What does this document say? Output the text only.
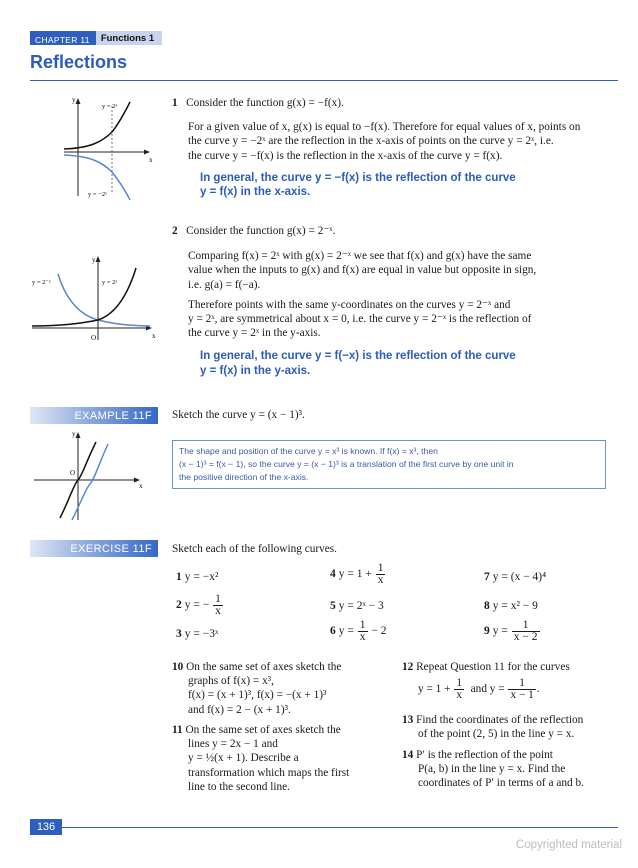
CHAPTER 11	Functions 1
Reflections
y
x
y = 2ˣ
y = −2ˣ
1 Consider the function g(x) = −f(x).
For a given value of x, g(x) is equal to −f(x). Therefore for equal values of x, points on
the curve y = −2ˣ are the reflection in the x-axis of points on the curve y = 2ˣ, i.e.
the curve y = −f(x) is the reflection in the x-axis of the curve y = f(x).
In general, the curve y = −f(x) is the reflection of the curve
y = f(x) in the x-axis.
y
x
O
y = 2⁻ˣ	y = 2ˣ
2 Consider the function g(x) = 2⁻ˣ.
Comparing f(x) = 2ˣ with g(x) = 2⁻ˣ we see that f(x) and g(x) have the same
value when the inputs to g(x) and f(x) are equal in value but opposite in sign,
i.e. g(a) = f(−a).
Therefore points with the same y-coordinates on the curves y = 2⁻ˣ and
y = 2ˣ, are symmetrical about x = 0, i.e. the curve y = 2⁻ˣ is the reflection of
the curve y = 2ˣ in the y-axis.
In general, the curve y = f(−x) is the reflection of the curve
y = f(x) in the y-axis.
EXAMPLE 11F	Sketch the curve y = (x − 1)³.
y
x
O
The shape and position of the curve y = x³ is known. If f(x) = x³, then
(x − 1)³ = f(x − 1), so the curve y = (x − 1)³ is a translation of the first curve by one unit in
the positive direction of the x-axis.
EXERCISE 11F	Sketch each of the following curves.
1 y = −x²	4 $y = 1 + \frac{1}{x}$	7 y = (x − 4)⁴
2 y = − $\frac{1}{x}$	5 y = 2ˣ − 3	8 y = x² − 9
3 y = −3ˣ	6 $y = \frac{1}{x} - 2$	9 $y = \frac{1}{x - 2}$
10 On the same set of axes sketch the
graphs of f(x) = x³,
f(x) = (x + 1)³, f(x) = −(x + 1)³
and f(x) = 2 − (x + 1)³.
11 On the same set of axes sketch the
lines y = 2x − 1 and
y = ½(x + 1). Describe a
transformation which maps the first
line to the second line.
12 Repeat Question 11 for the curves
$y = 1 + \frac{1}{x}$ and $y = \frac{1}{x - 1}$ .
13 Find the coordinates of the reflection
of the point (2, 5) in the line y = x.
14 P′ is the reflection of the point
P(a, b) in the line y = x. Find the
coordinates of P′ in terms of a and b.
136
Copyrighted material
